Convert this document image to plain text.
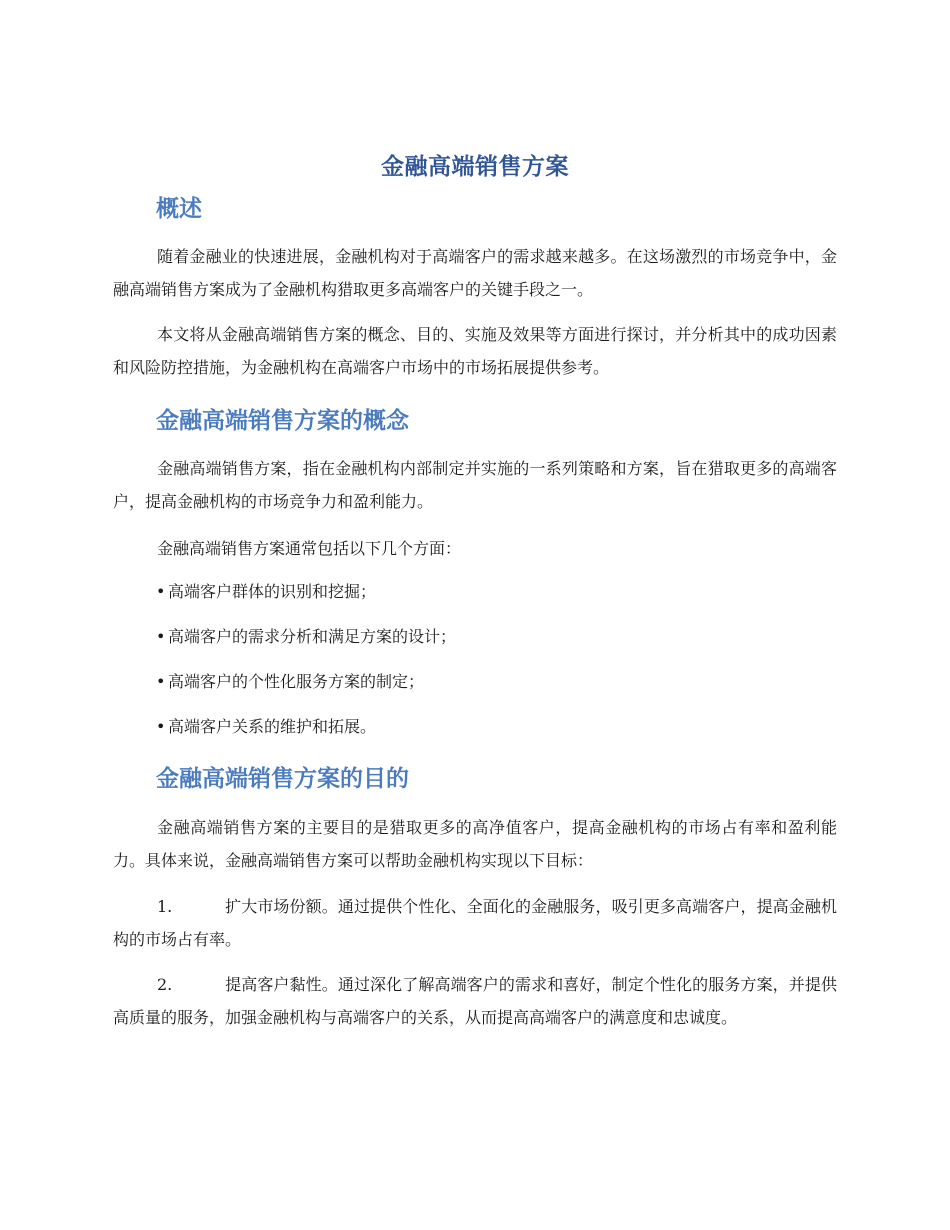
金融高端销售方案
概述
随着金融业的快速进展，金融机构对于高端客户的需求越来越多。在这场激烈的市场竞争中，金融高端销售方案成为了金融机构猎取更多高端客户的关键手段之一。
本文将从金融高端销售方案的概念、目的、实施及效果等方面进行探讨，并分析其中的成功因素和风险防控措施，为金融机构在高端客户市场中的市场拓展提供参考。
金融高端销售方案的概念
金融高端销售方案，指在金融机构内部制定并实施的一系列策略和方案，旨在猎取更多的高端客户，提高金融机构的市场竞争力和盈利能力。
金融高端销售方案通常包括以下几个方面：
• 高端客户群体的识别和挖掘；
• 高端客户的需求分析和满足方案的设计；
• 高端客户的个性化服务方案的制定；
• 高端客户关系的维护和拓展。
金融高端销售方案的目的
金融高端销售方案的主要目的是猎取更多的高净值客户，提高金融机构的市场占有率和盈利能力。具体来说，金融高端销售方案可以帮助金融机构实现以下目标：
1.	扩大市场份额。通过提供个性化、全面化的金融服务，吸引更多高端客户，提高金融机构的市场占有率。
2.	提高客户黏性。通过深化了解高端客户的需求和喜好，制定个性化的服务方案，并提供高质量的服务，加强金融机构与高端客户的关系，从而提高高端客户的满意度和忠诚度。
